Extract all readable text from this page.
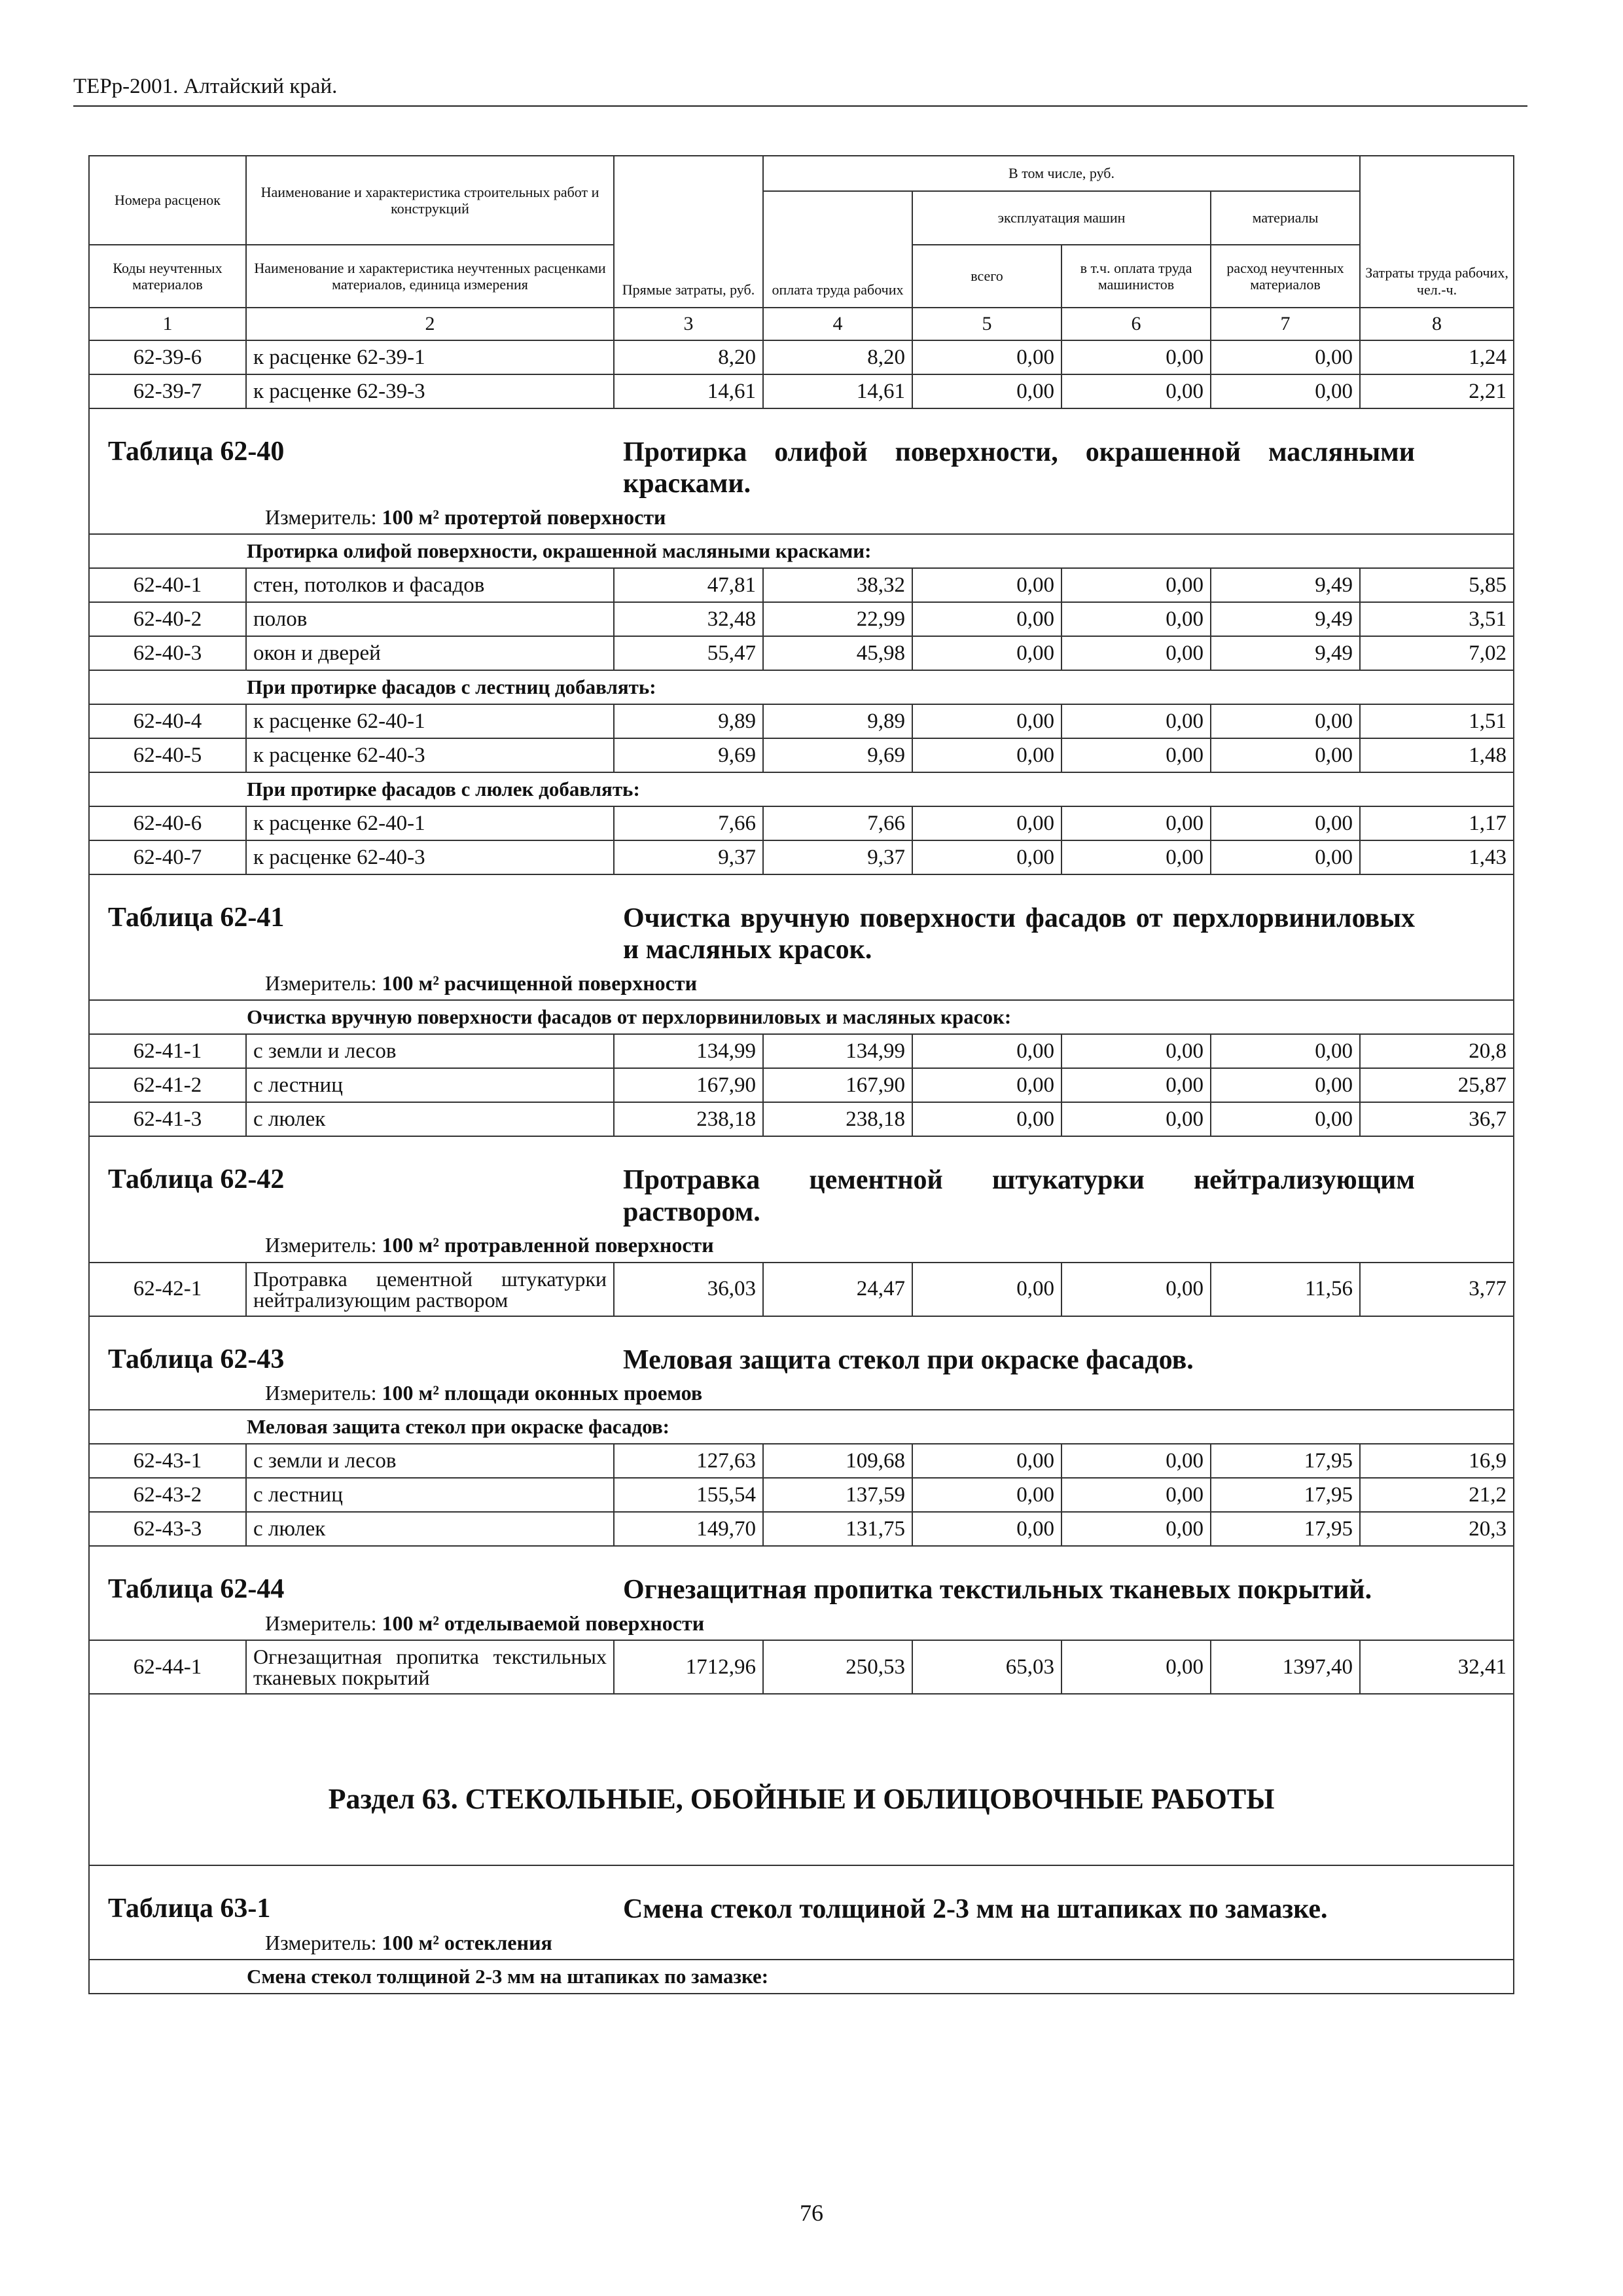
ТЕРр-2001. Алтайский край.
Номера расценок	Наименование и характеристика строительных работ и конструкций	Прямые затраты, руб.	В том числе, руб.				Затраты труда рабочих, чел.-ч.
			оплата труда рабочих	эксплуатация машин		материалы	
Коды неучтенных материалов	Наименование и характеристика неучтенных расценками материалов, единица измерения			всего	в т.ч. оплата труда машинистов	расход неучтенных материалов	
1	2	3	4	5	6	7	8
62-39-6	к расценке 62-39-1	8,20	8,20	0,00	0,00	0,00	1,24
62-39-7	к расценке 62-39-3	14,61	14,61	0,00	0,00	0,00	2,21

Таблица 62-40 Протирка олифой поверхности, окрашенной масляными красками.
Измеритель: 100 м² протертой поверхности							

Протирка олифой поверхности, окрашенной масляными красками:							
62-40-1	стен, потолков и фасадов	47,81	38,32	0,00	0,00	9,49	5,85
62-40-2	полов	32,48	22,99	0,00	0,00	9,49	3,51
62-40-3	окон и дверей	55,47	45,98	0,00	0,00	9,49	7,02
При протирке фасадов с лестниц добавлять:							
62-40-4	к расценке 62-40-1	9,89	9,89	0,00	0,00	0,00	1,51
62-40-5	к расценке 62-40-3	9,69	9,69	0,00	0,00	0,00	1,48
При протирке фасадов с люлек добавлять:							
62-40-6	к расценке 62-40-1	7,66	7,66	0,00	0,00	0,00	1,17
62-40-7	к расценке 62-40-3	9,37	9,37	0,00	0,00	0,00	1,43

Таблица 62-41 Очистка вручную поверхности фасадов от перхлорвиниловых и масляных красок.
Измеритель: 100 м² расчищенной поверхности							

Очистка вручную поверхности фасадов от перхлорвиниловых и масляных красок:							
62-41-1	с земли и лесов	134,99	134,99	0,00	0,00	0,00	20,8
62-41-2	с лестниц	167,90	167,90	0,00	0,00	0,00	25,87
62-41-3	с люлек	238,18	238,18	0,00	0,00	0,00	36,7

Таблица 62-42 Протравка цементной штукатурки нейтрализующим раствором.
Измеритель: 100 м² протравленной поверхности							

62-42-1	Протравка цементной штукатурки нейтрализующим раствором	36,03	24,47	0,00	0,00	11,56	3,77

Таблица 62-43 Меловая защита стекол при окраске фасадов.
Измеритель: 100 м² площади оконных проемов							

Меловая защита стекол при окраске фасадов:							
62-43-1	с земли и лесов	127,63	109,68	0,00	0,00	17,95	16,9
62-43-2	с лестниц	155,54	137,59	0,00	0,00	17,95	21,2
62-43-3	с люлек	149,70	131,75	0,00	0,00	17,95	20,3

Таблица 62-44 Огнезащитная пропитка текстильных тканевых покрытий.
Измеритель: 100 м² отделываемой поверхности							

62-44-1	Огнезащитная пропитка текстильных тканевых покрытий	1712,96	250,53	65,03	0,00	1397,40	32,41

Раздел 63. СТЕКОЛЬНЫЕ, ОБОЙНЫЕ И ОБЛИЦОВОЧНЫЕ РАБОТЫ							

Таблица 63-1 Смена стекол толщиной 2-3 мм на штапиках по замазке.
Измеритель: 100 м² остекления							

Смена стекол толщиной 2-3 мм на штапиках по замазке:							
76
